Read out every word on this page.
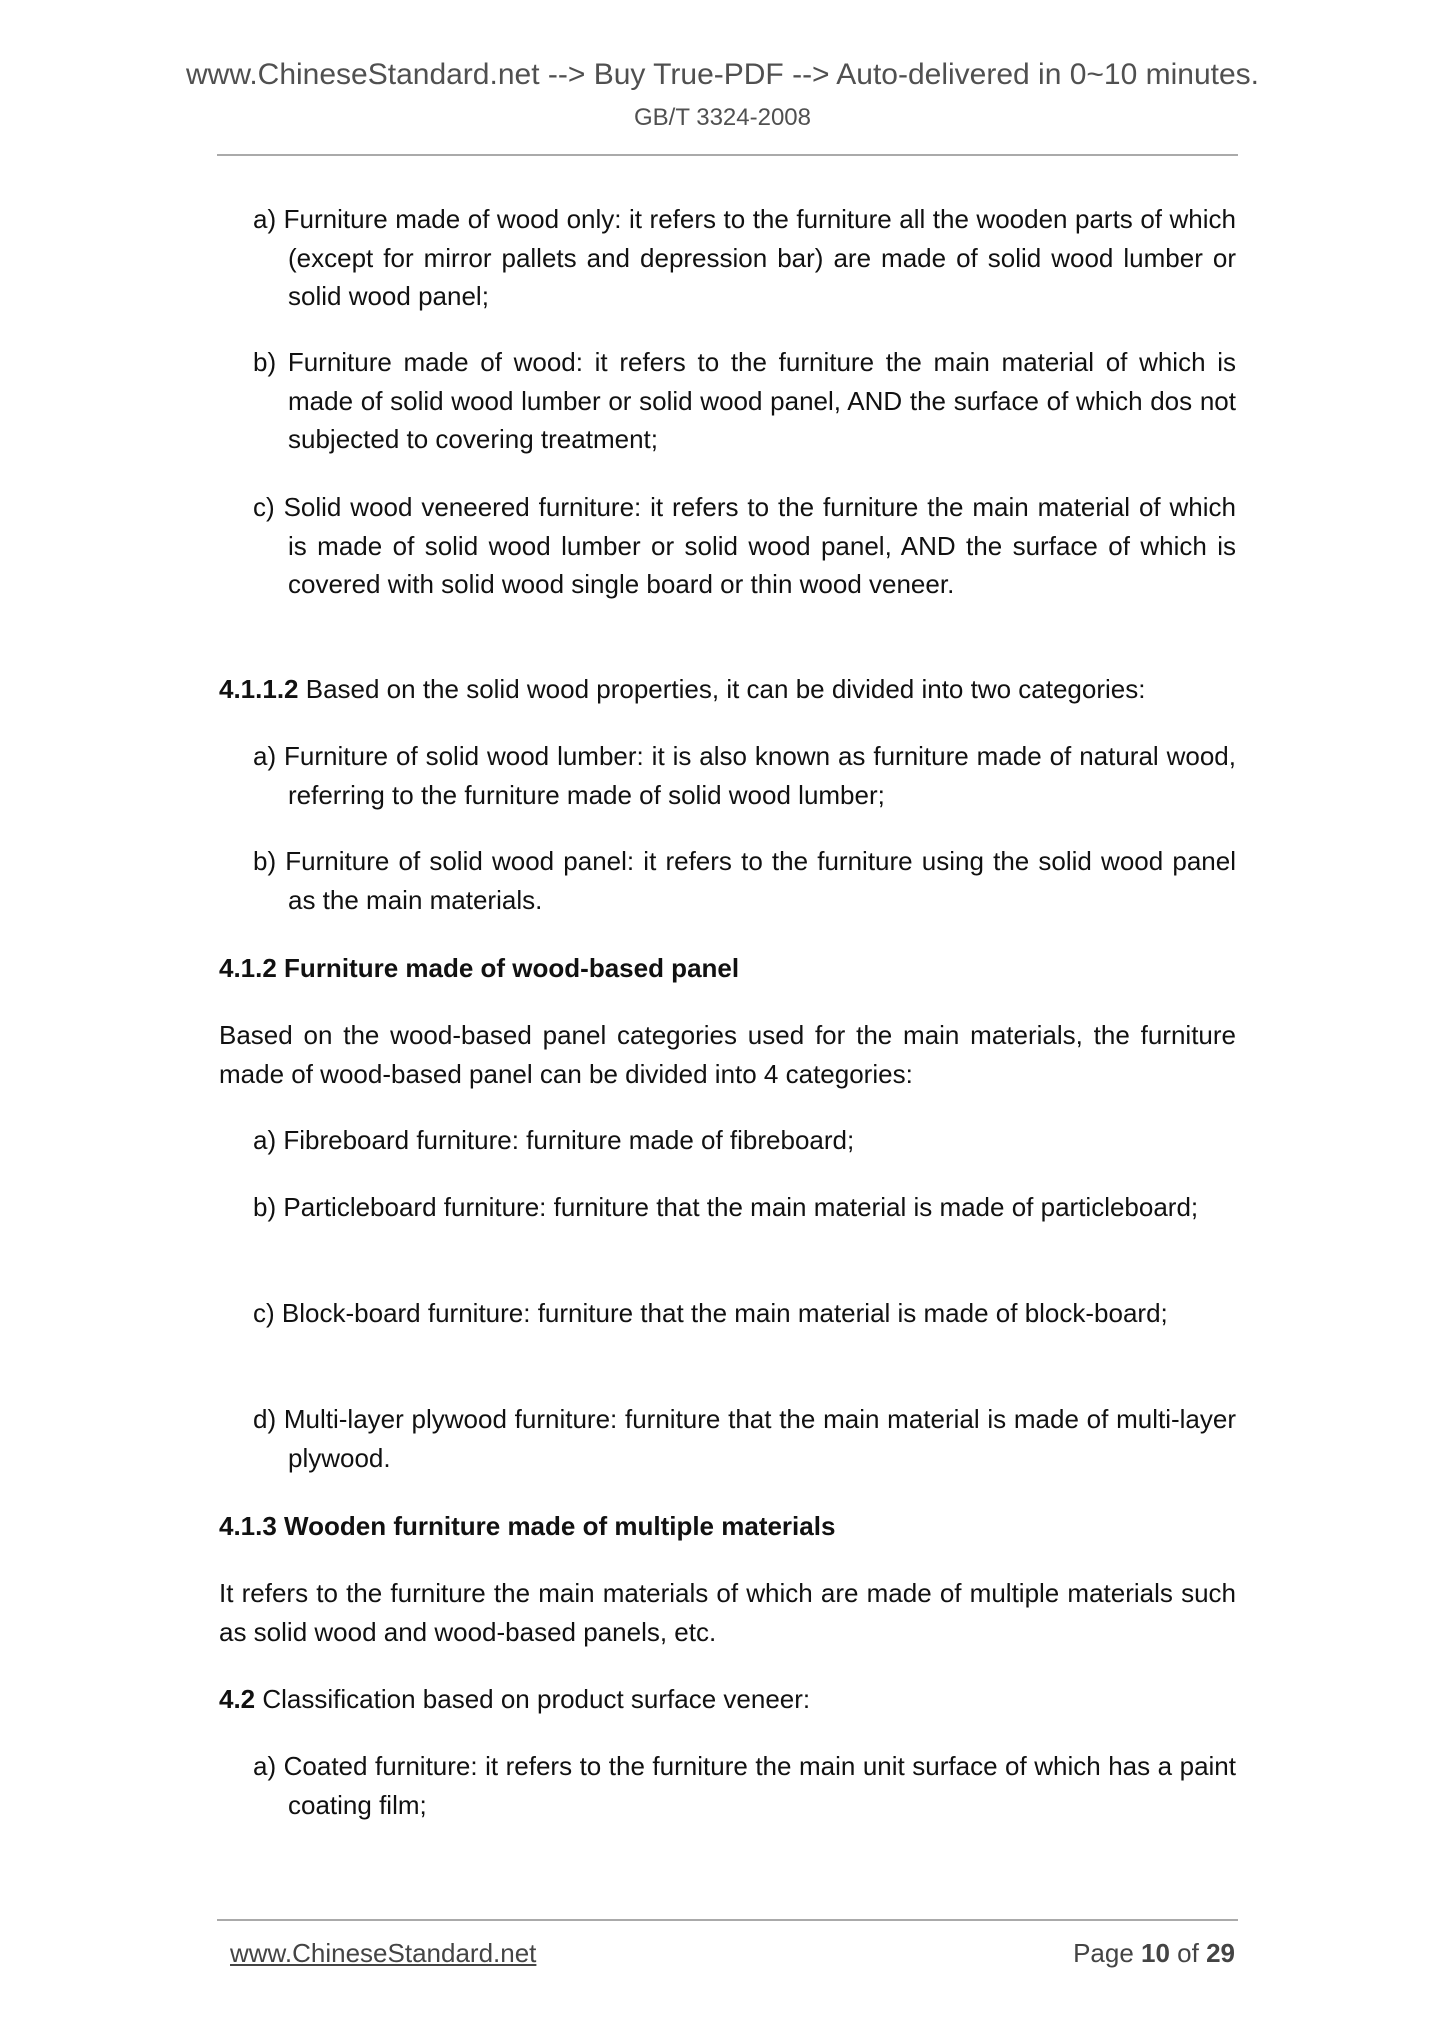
www.ChineseStandard.net --> Buy True-PDF --> Auto-delivered in 0~10 minutes.
GB/T 3324-2008
a) Furniture made of wood only: it refers to the furniture all the wooden parts of which (except for mirror pallets and depression bar) are made of solid wood lumber or solid wood panel;
b) Furniture made of wood: it refers to the furniture the main material of which is made of solid wood lumber or solid wood panel, AND the surface of which dos not subjected to covering treatment;
c) Solid wood veneered furniture: it refers to the furniture the main material of which is made of solid wood lumber or solid wood panel, AND the surface of which is covered with solid wood single board or thin wood veneer.
4.1.1.2 Based on the solid wood properties, it can be divided into two categories:
a) Furniture of solid wood lumber: it is also known as furniture made of natural wood, referring to the furniture made of solid wood lumber;
b) Furniture of solid wood panel: it refers to the furniture using the solid wood panel as the main materials.
4.1.2 Furniture made of wood-based panel
Based on the wood-based panel categories used for the main materials, the furniture made of wood-based panel can be divided into 4 categories:
a) Fibreboard furniture: furniture made of fibreboard;
b) Particleboard furniture: furniture that the main material is made of particleboard;
c) Block-board furniture: furniture that the main material is made of block-board;
d) Multi-layer plywood furniture: furniture that the main material is made of multi-layer plywood.
4.1.3 Wooden furniture made of multiple materials
It refers to the furniture the main materials of which are made of multiple materials such as solid wood and wood-based panels, etc.
4.2 Classification based on product surface veneer:
a) Coated furniture: it refers to the furniture the main unit surface of which has a paint coating film;
www.ChineseStandard.net	Page 10 of 29
